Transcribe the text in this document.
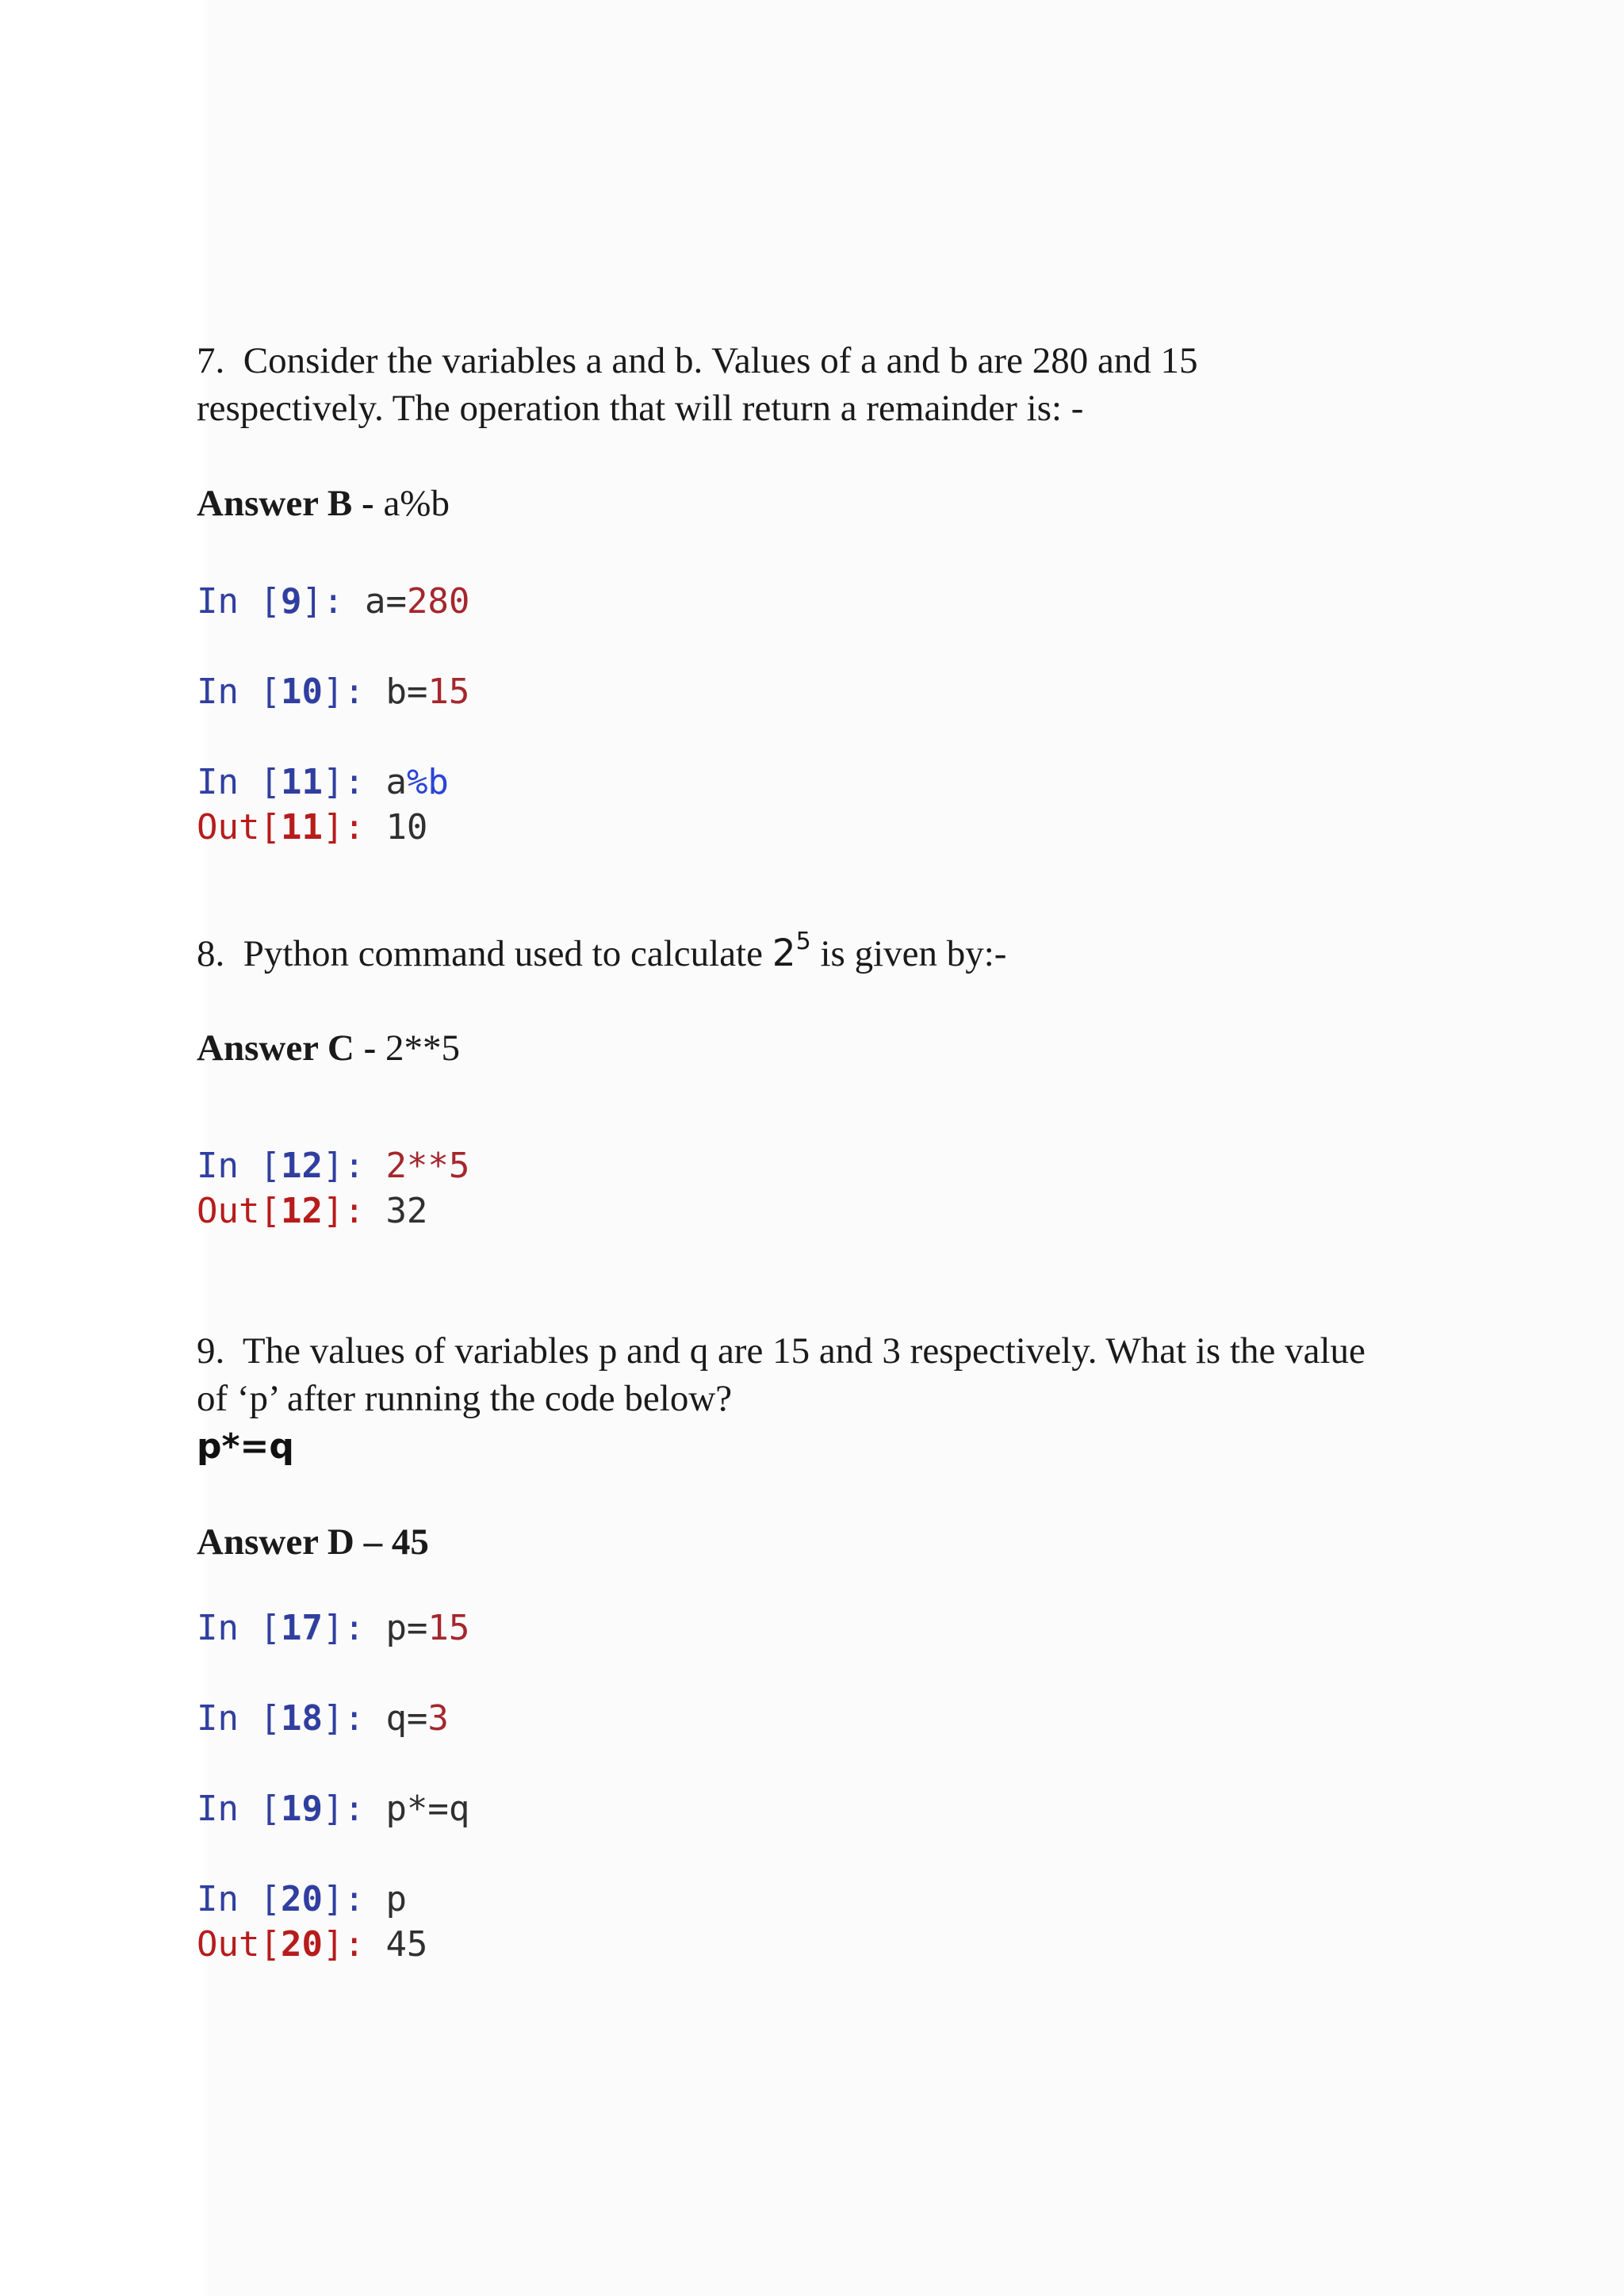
7. Consider the variables a and b. Values of a and b are 280 and 15
respectively. The operation that will return a remainder is: -

Answer B - a%b

In [9]: a=280
In [10]: b=15
In [11]: a%b
Out[11]: 10

8. Python command used to calculate $2^5$ is given by:-

Answer C - 2**5

In [12]: 2**5
Out[12]: 32

9. The values of variables p and q are 15 and 3 respectively. What is the value
of ‘p’ after running the code below?

p*=q

Answer D – 45

In [17]: p=15
In [18]: q=3
In [19]: p*=q
In [20]: p
Out[20]: 45
